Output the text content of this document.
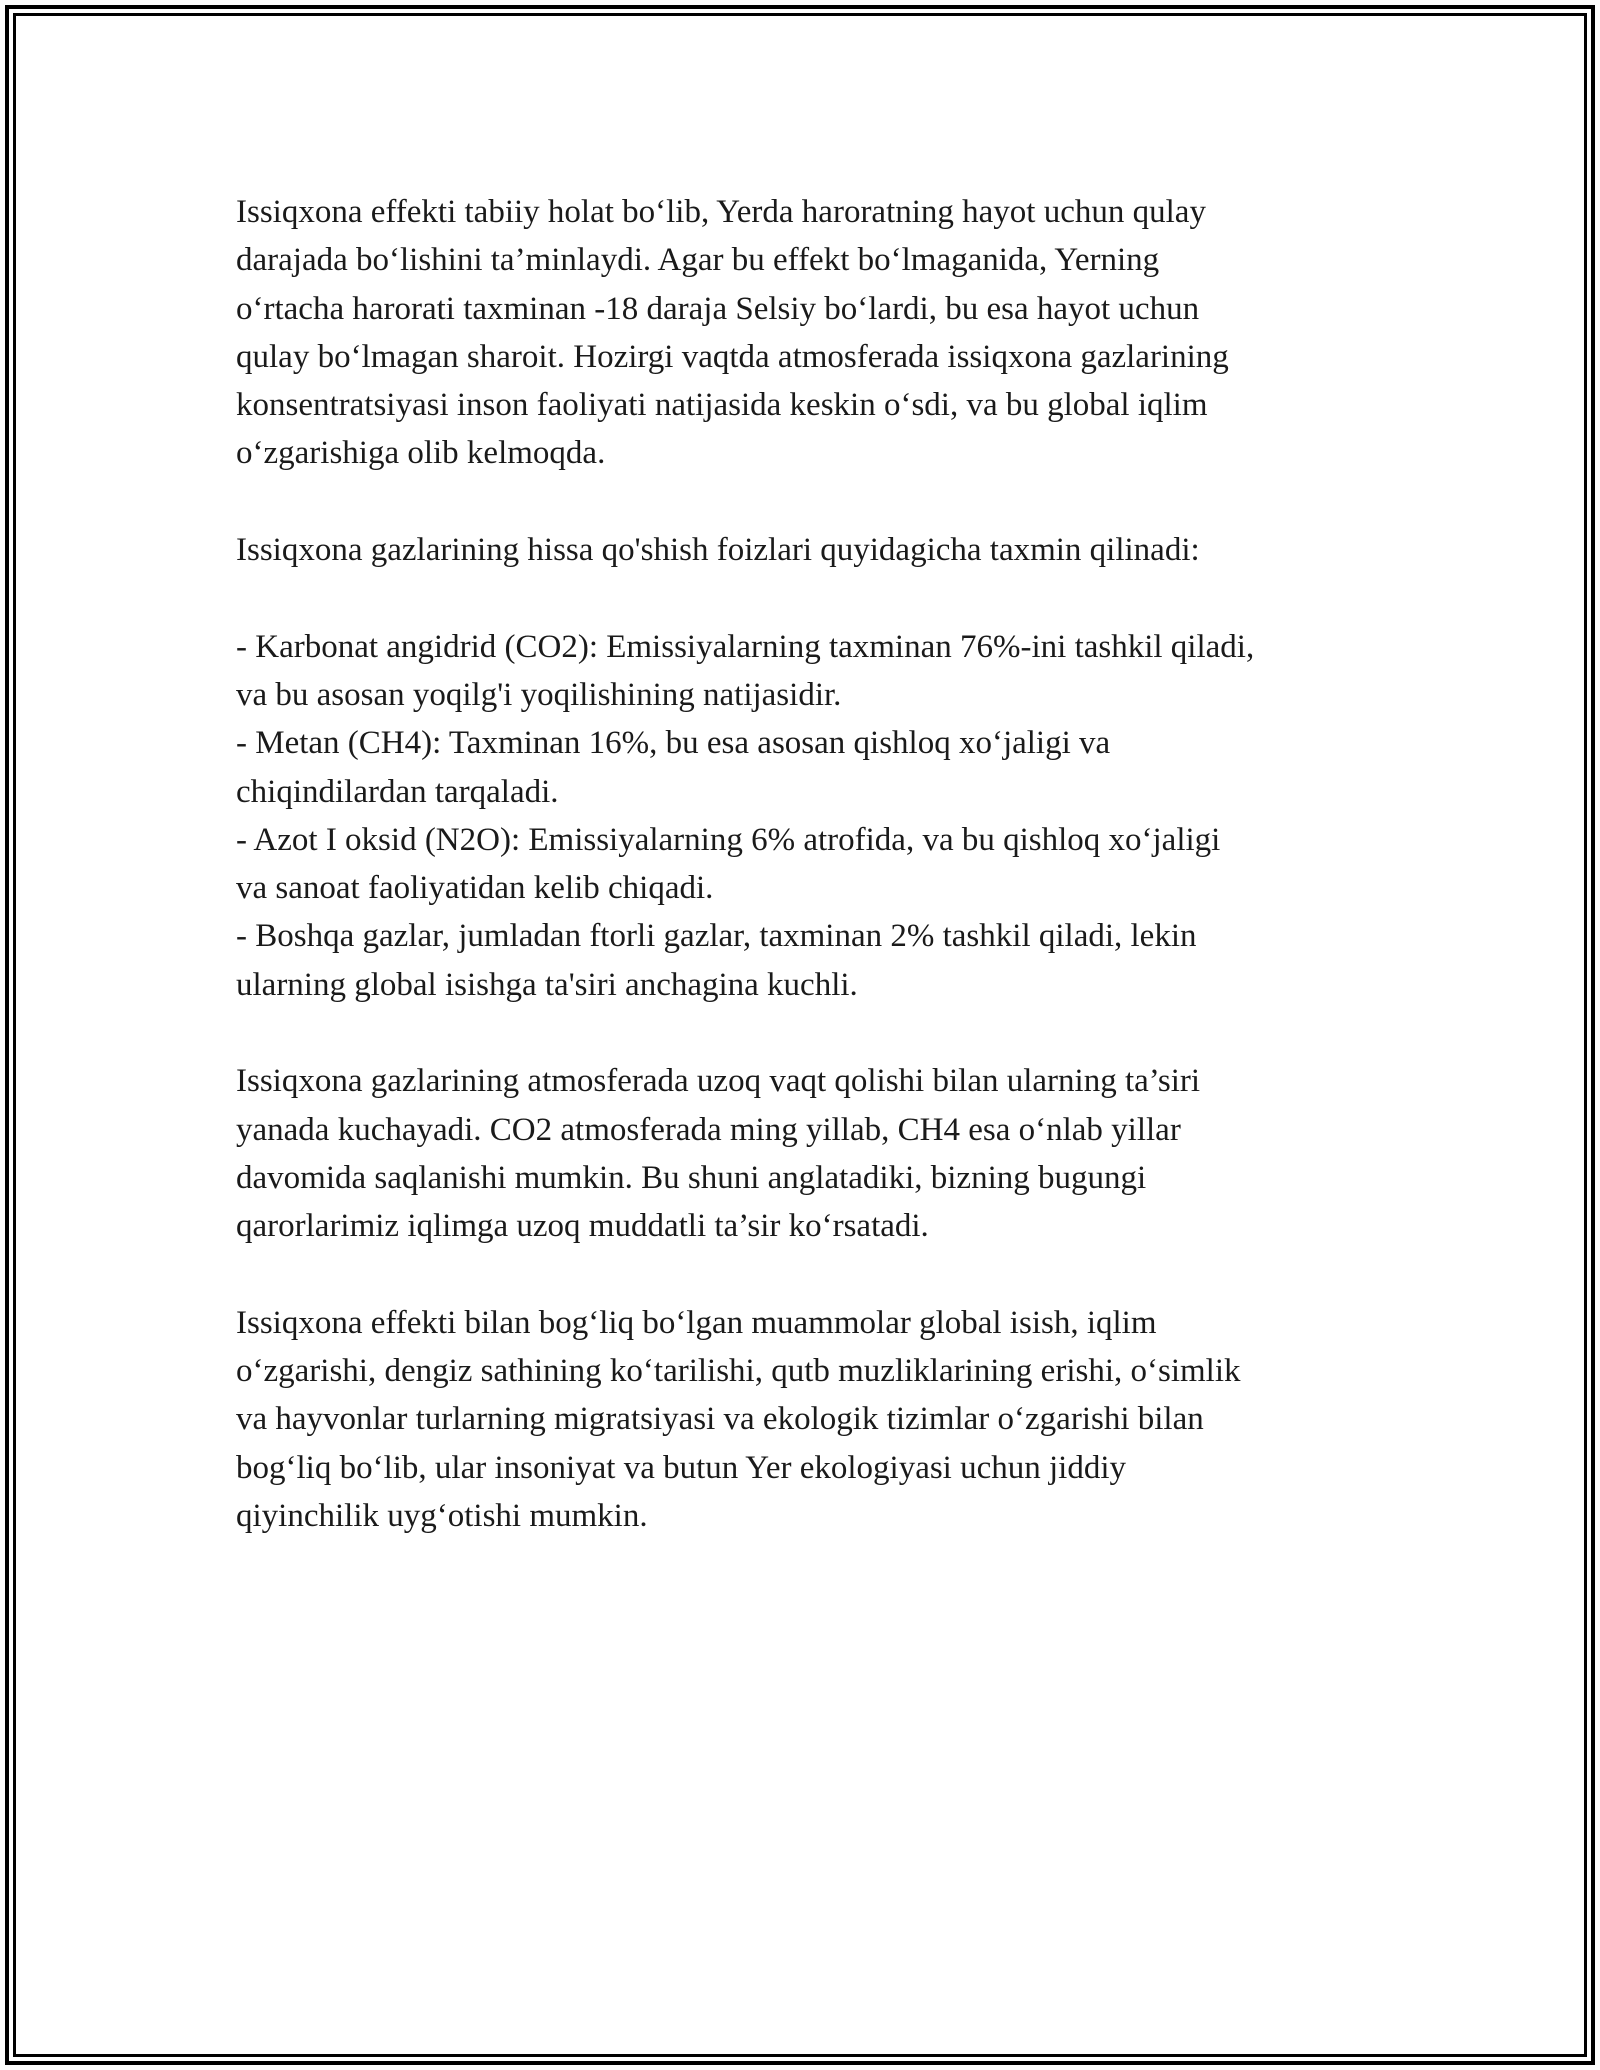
Issiqxona effekti tabiiy holat bo‘lib, Yerda haroratning hayot uchun qulay
darajada bo‘lishini ta’minlaydi. Agar bu effekt bo‘lmaganida, Yerning
o‘rtacha harorati taxminan -18 daraja Selsiy bo‘lardi, bu esa hayot uchun
qulay bo‘lmagan sharoit. Hozirgi vaqtda atmosferada issiqxona gazlarining
konsentratsiyasi inson faoliyati natijasida keskin o‘sdi, va bu global iqlim
o‘zgarishiga olib kelmoqda.

Issiqxona gazlarining hissa qo'shish foizlari quyidagicha taxmin qilinadi:

- Karbonat angidrid (CO2): Emissiyalarning taxminan 76%-ini tashkil qiladi,
va bu asosan yoqilg'i yoqilishining natijasidir.

- Metan (CH4): Taxminan 16%, bu esa asosan qishloq xo‘jaligi va
chiqindilardan tarqaladi.

- Azot I oksid (N2O): Emissiyalarning 6% atrofida, va bu qishloq xo‘jaligi
va sanoat faoliyatidan kelib chiqadi.

- Boshqa gazlar, jumladan ftorli gazlar, taxminan 2% tashkil qiladi, lekin
ularning global isishga ta'siri anchagina kuchli.

Issiqxona gazlarining atmosferada uzoq vaqt qolishi bilan ularning ta’siri
yanada kuchayadi. CO2 atmosferada ming yillab, CH4 esa o‘nlab yillar
davomida saqlanishi mumkin. Bu shuni anglatadiki, bizning bugungi
qarorlarimiz iqlimga uzoq muddatli ta’sir ko‘rsatadi.

Issiqxona effekti bilan bog‘liq bo‘lgan muammolar global isish, iqlim
o‘zgarishi, dengiz sathining ko‘tarilishi, qutb muzliklarining erishi, o‘simlik
va hayvonlar turlarning migratsiyasi va ekologik tizimlar o‘zgarishi bilan
bog‘liq bo‘lib, ular insoniyat va butun Yer ekologiyasi uchun jiddiy
qiyinchilik uyg‘otishi mumkin.
